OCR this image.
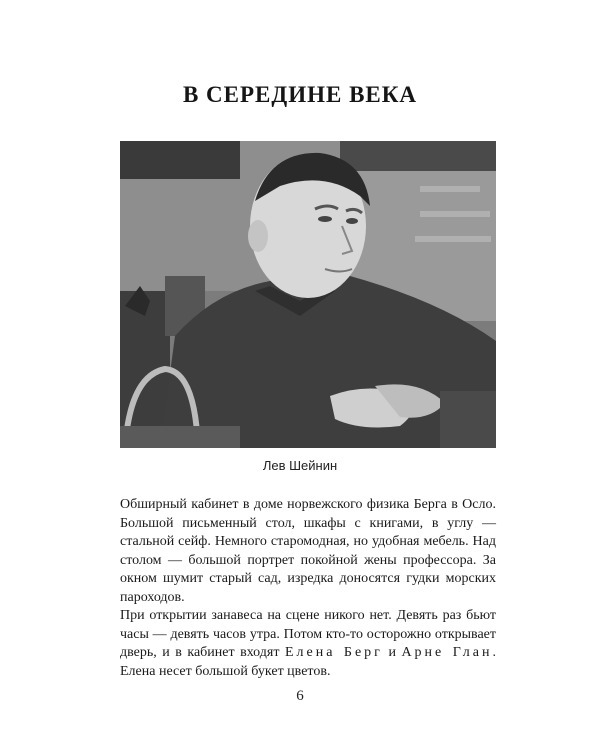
В СЕРЕДИНЕ ВЕКА
Лев Шейнин

Обширный кабинет в доме норвежского физика Берга в Осло. Большой письменный стол, шкафы с книгами, в углу — стальной сейф. Немного старомодная, но удобная мебель. Над столом — большой портрет покойной жены профессора. За окном шумит старый сад, изредка доносятся гудки морских пароходов.

При открытии занавеса на сцене никого нет. Девять раз бьют часы — девять часов утра. Потом кто-то осторожно открывает дверь, и в кабинет входят Елена Берг и Арне Глан. Елена несет большой букет цветов.

6
